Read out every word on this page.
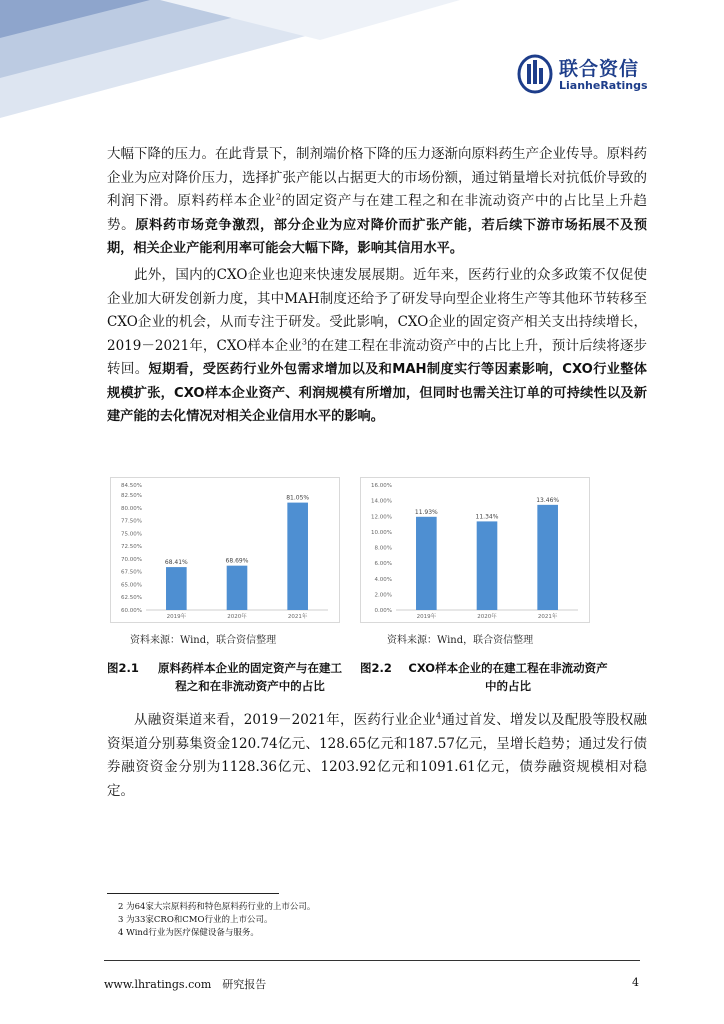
联合资信
LianheRatings
大幅下降的压力。在此背景下，制剂端价格下降的压力逐渐向原料药生产企业传导。原料药企业为应对降价压力，选择扩张产能以占据更大的市场份额，通过销量增长对抗低价导致的利润下滑。原料药样本企业$^2$的固定资产与在建工程之和在非流动资产中的占比呈上升趋势。原料药市场竞争激烈，部分企业为应对降价而扩张产能，若后续下游市场拓展不及预期，相关企业产能利用率可能会大幅下降，影响其信用水平。
此外，国内的CXO企业也迎来快速发展展期。近年来，医药行业的众多政策不仅促使企业加大研发创新力度，其中MAH制度还给予了研发导向型企业将生产等其他环节转移至CXO企业的机会，从而专注于研发。受此影响，CXO企业的固定资产相关支出持续增长，2019－2021年，CXO样本企业$^3$的在建工程在非流动资产中的占比上升，预计后续将逐步转回。短期看，受医药行业外包需求增加以及和MAH制度实行等因素影响，CXO行业整体规模扩张，CXO样本企业资产、利润规模有所增加，但同时也需关注订单的可持续性以及新建产能的去化情况对相关企业信用水平的影响。
60.00%
62.50%
65.00%
67.50%
70.00%
72.50%
75.00%
77.50%
80.00%
82.50%
84.50%
68.41%
2019年
68.69%
2020年
81.05%
2021年
0.00%
2.00%
4.00%
6.00%
8.00%
10.00%
12.00%
14.00%
16.00%
11.93%
2019年
11.34%
2020年
13.46%
2021年
资料来源：Wind，联合资信整理	资料来源：Wind，联合资信整理
图2.1	原料药样本企业的固定资产与在建工
程之和在非流动资产中的占比
图2.2	CXO样本企业的在建工程在非流动资产
中的占比
从融资渠道来看，2019－2021年，医药行业企业$^4$通过首发、增发以及配股等股权融资渠道分别募集资金120.74亿元、128.65亿元和187.57亿元，呈增长趋势；通过发行债券融资资金分别为1128.36亿元、1203.92亿元和1091.61亿元，债券融资规模相对稳定。
2 为64家大宗原料药和特色原料药行业的上市公司。
3 为33家CRO和CMO行业的上市公司。
4 Wind行业为医疗保健设备与服务。
www.lhratings.com　研究报告	4
